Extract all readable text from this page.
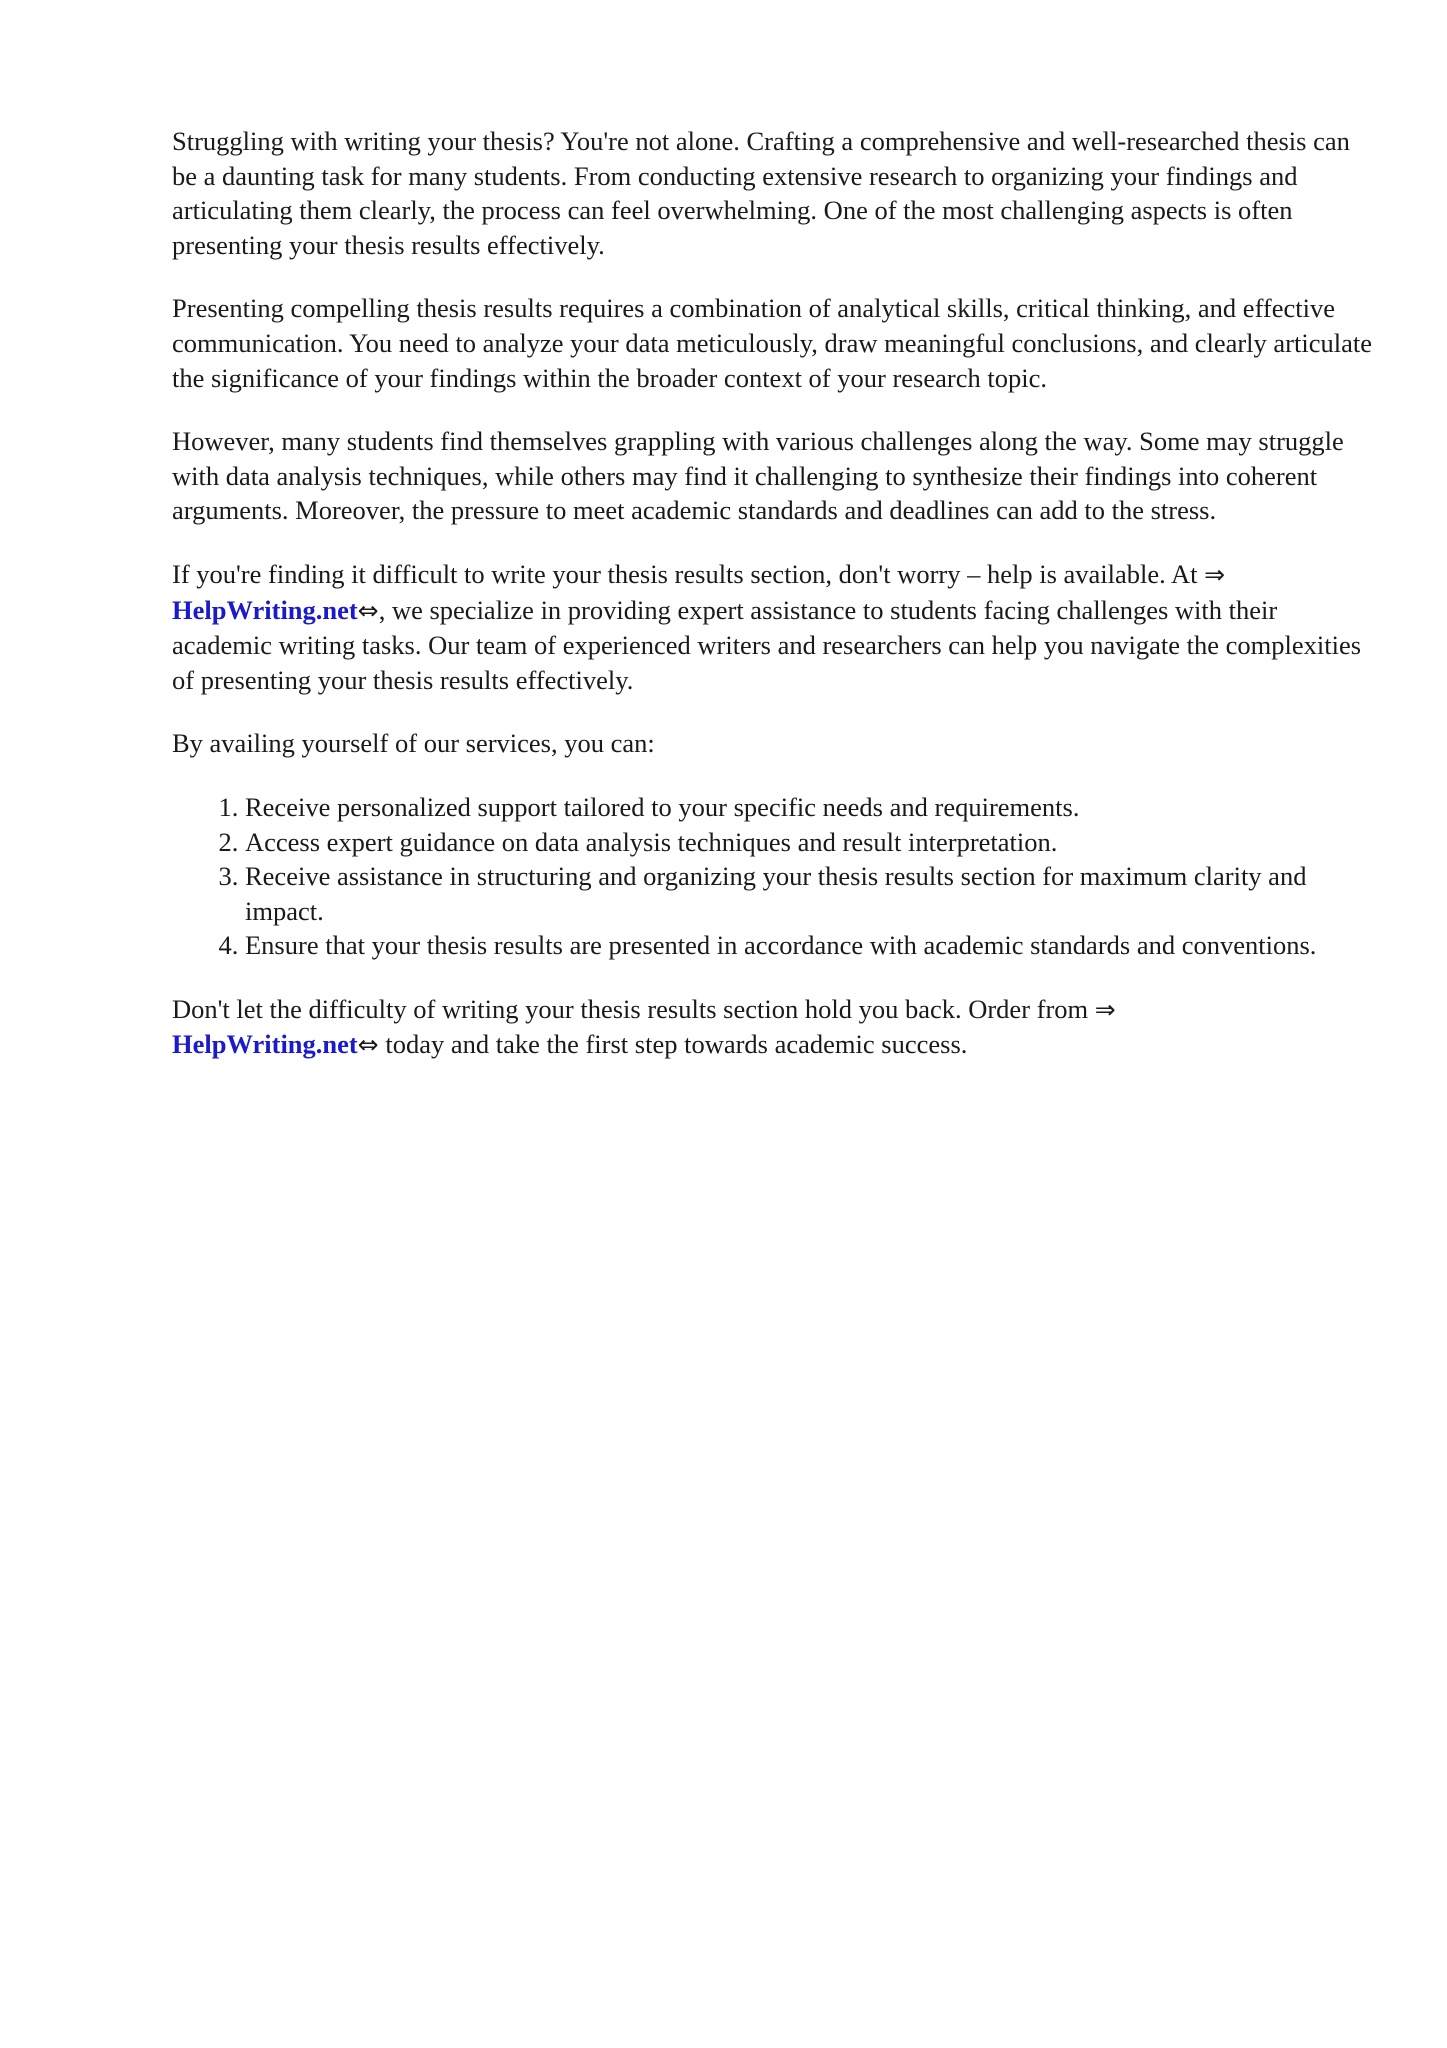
Struggling with writing your thesis? You're not alone. Crafting a comprehensive and well-researched thesis can be a daunting task for many students. From conducting extensive research to organizing your findings and articulating them clearly, the process can feel overwhelming. One of the most challenging aspects is often presenting your thesis results effectively.

Presenting compelling thesis results requires a combination of analytical skills, critical thinking, and effective communication. You need to analyze your data meticulously, draw meaningful conclusions, and clearly articulate the significance of your findings within the broader context of your research topic.

However, many students find themselves grappling with various challenges along the way. Some may struggle with data analysis techniques, while others may find it challenging to synthesize their findings into coherent arguments. Moreover, the pressure to meet academic standards and deadlines can add to the stress.

If you're finding it difficult to write your thesis results section, don't worry – help is available. At ⇒
HelpWriting.net⇔, we specialize in providing expert assistance to students facing challenges with their academic writing tasks. Our team of experienced writers and researchers can help you navigate the complexities of presenting your thesis results effectively.

By availing yourself of our services, you can:

1. Receive personalized support tailored to your specific needs and requirements.
2. Access expert guidance on data analysis techniques and result interpretation.
3. Receive assistance in structuring and organizing your thesis results section for maximum clarity and impact.
4. Ensure that your thesis results are presented in accordance with academic standards and conventions.

Don't let the difficulty of writing your thesis results section hold you back. Order from ⇒
HelpWriting.net⇔ today and take the first step towards academic success.
